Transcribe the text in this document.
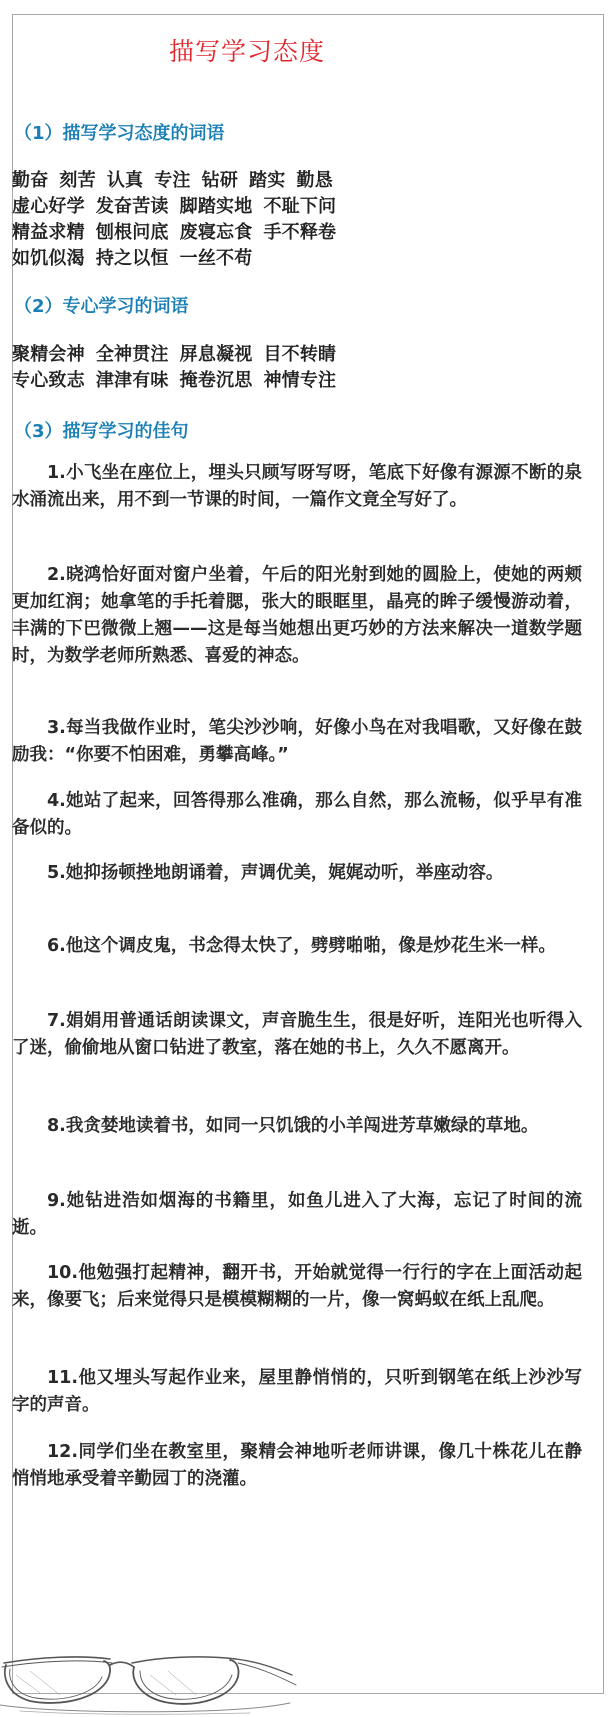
描写学习态度
（1）描写学习态度的词语
勤奋 刻苦 认真 专注 钻研 踏实 勤恳
虚心好学 发奋苦读 脚踏实地 不耻下问
精益求精 刨根问底 废寝忘食 手不释卷
如饥似渴 持之以恒 一丝不苟
（2）专心学习的词语
聚精会神 全神贯注 屏息凝视 目不转睛
专心致志 津津有味 掩卷沉思 神情专注
（3）描写学习的佳句
1.小飞坐在座位上，埋头只顾写呀写呀，笔底下好像有源源不断的泉水涌流出来，用不到一节课的时间，一篇作文竟全写好了。
2.晓鸿恰好面对窗户坐着，午后的阳光射到她的圆脸上，使她的两颊更加红润；她拿笔的手托着腮，张大的眼眶里，晶亮的眸子缓慢游动着，丰满的下巴微微上翘——这是每当她想出更巧妙的方法来解决一道数学题时，为数学老师所熟悉、喜爱的神态。
3.每当我做作业时，笔尖沙沙响，好像小鸟在对我唱歌，又好像在鼓励我：“你要不怕困难，勇攀高峰。”
4.她站了起来，回答得那么准确，那么自然，那么流畅，似乎早有准备似的。
5.她抑扬顿挫地朗诵着，声调优美，娓娓动听，举座动容。
6.他这个调皮鬼，书念得太快了，劈劈啪啪，像是炒花生米一样。
7.娟娟用普通话朗读课文，声音脆生生，很是好听，连阳光也听得入了迷，偷偷地从窗口钻进了教室，落在她的书上，久久不愿离开。
8.我贪婪地读着书，如同一只饥饿的小羊闯进芳草嫩绿的草地。
9.她钻进浩如烟海的书籍里，如鱼儿进入了大海，忘记了时间的流逝。
10.他勉强打起精神，翻开书，开始就觉得一行行的字在上面活动起来，像要飞；后来觉得只是模模糊糊的一片，像一窝蚂蚁在纸上乱爬。
11.他又埋头写起作业来，屋里静悄悄的，只听到钢笔在纸上沙沙写字的声音。
12.同学们坐在教室里，聚精会神地听老师讲课，像几十株花儿在静悄悄地承受着辛勤园丁的浇灌。
